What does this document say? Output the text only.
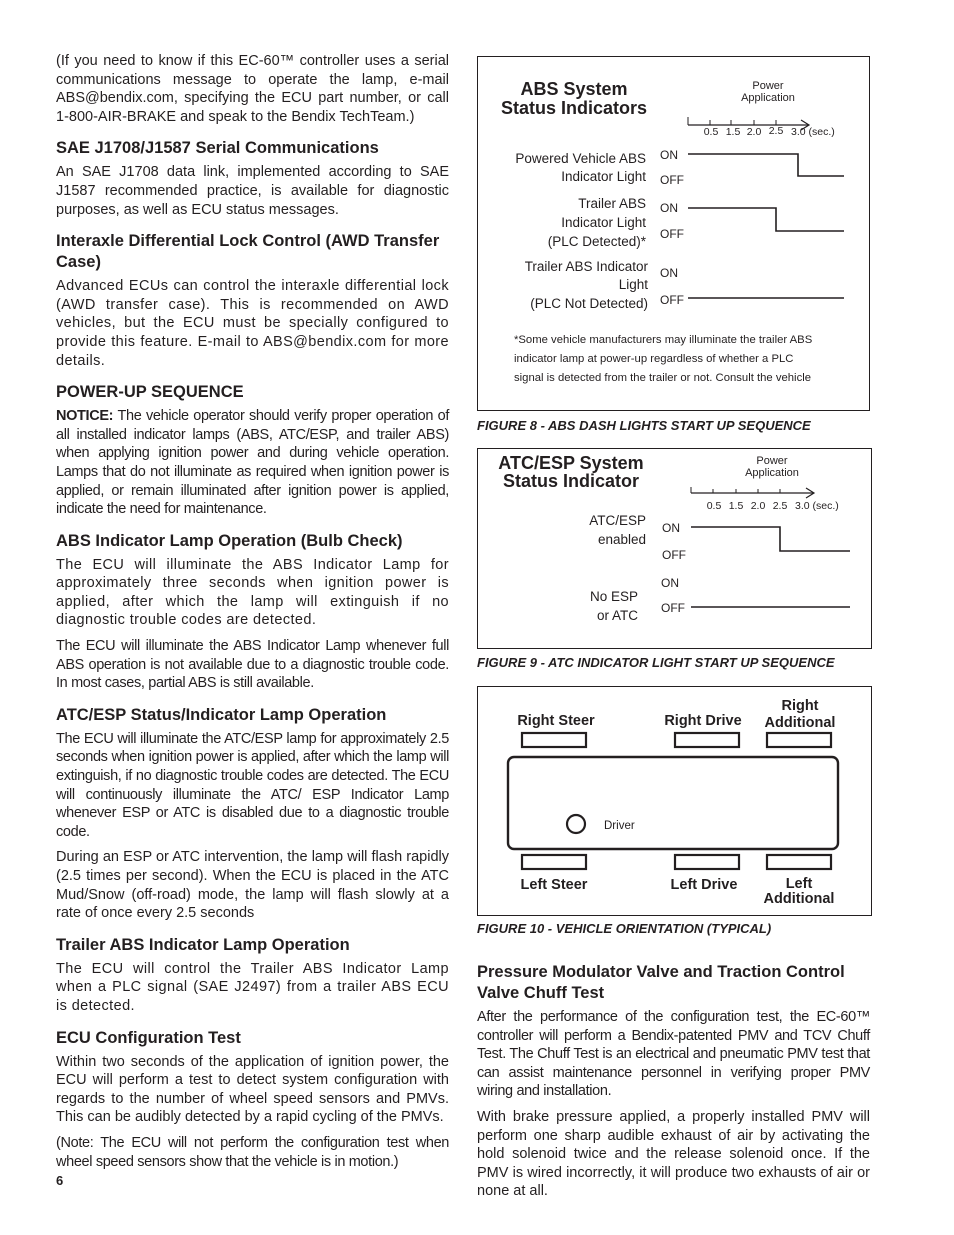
(If you need to know if this EC-60™ controller uses a serial communications message to operate the lamp, e-mail ABS@bendix.com, specifying the ECU part number, or call 1-800-AIR-BRAKE and speak to the Bendix TechTeam.)

SAE J1708/J1587 Serial Communications

An SAE J1708 data link, implemented according to SAE J1587 recommended practice, is available for diagnostic purposes, as well as ECU status messages.

Interaxle Differential Lock Control (AWD Transfer Case)

Advanced ECUs can control the interaxle differential lock (AWD transfer case). This is recommended on AWD vehicles, but the ECU must be specially configured to provide this feature. E-mail to ABS@bendix.com for more details.

POWER-UP SEQUENCE

NOTICE: The vehicle operator should verify proper operation of all installed indicator lamps (ABS, ATC/ESP, and trailer ABS) when applying ignition power and during vehicle operation. Lamps that do not illuminate as required when ignition power is applied, or remain illuminated after ignition power is applied, indicate the need for maintenance.

ABS Indicator Lamp Operation (Bulb Check)

The ECU will illuminate the ABS Indicator Lamp for approximately three seconds when ignition power is applied, after which the lamp will extinguish if no diagnostic trouble codes are detected.

The ECU will illuminate the ABS Indicator Lamp whenever full ABS operation is not available due to a diagnostic trouble code. In most cases, partial ABS is still available.

ATC/ESP Status/Indicator Lamp Operation

The ECU will illuminate the ATC/ESP lamp for approximately 2.5 seconds when ignition power is applied, after which the lamp will extinguish, if no diagnostic trouble codes are detected. The ECU will continuously illuminate the ATC/ ESP Indicator Lamp whenever ESP or ATC is disabled due to a diagnostic trouble code.

During an ESP or ATC intervention, the lamp will flash rapidly (2.5 times per second). When the ECU is placed in the ATC Mud/Snow (off-road) mode, the lamp will flash slowly at a rate of once every 2.5 seconds

Trailer ABS Indicator Lamp Operation

The ECU will control the Trailer ABS Indicator Lamp when a PLC signal (SAE J2497) from a trailer ABS ECU is detected.

ECU Configuration Test

Within two seconds of the application of ignition power, the ECU will perform a test to detect system configuration with regards to the number of wheel speed sensors and PMVs. This can be audibly detected by a rapid cycling of the PMVs.

(Note: The ECU will not perform the configuration test when wheel speed sensors show that the vehicle is in motion.)

6
ABS System
Status Indicators
Power
Application
0.5 1.5 2.0 2.5 3.0 (sec.)
Powered Vehicle ABS
Indicator Light
ON
OFF
Trailer ABS
Indicator Light
(PLC Detected)*
ON
OFF
Trailer ABS Indicator
Light
(PLC Not Detected)
ON
OFF
*Some vehicle manufacturers may illuminate the trailer ABS
indicator lamp at power-up regardless of whether a PLC
signal is detected from the trailer or not. Consult the vehicle
FIGURE 8 - ABS DASH LIGHTS START UP SEQUENCE
ATC/ESP System
Status Indicator
Power
Application
0.5 1.5 2.0 2.5 3.0 (sec.)
ATC/ESP
enabled
ON
OFF
No ESP
or ATC
ON
OFF
FIGURE 9 - ATC INDICATOR LIGHT START UP SEQUENCE
Right Steer	Right Drive
Right
Additional
Driver
Left Steer	Left Drive	Left
Additional
FIGURE 10 - VEHICLE ORIENTATION (TYPICAL)
Pressure Modulator Valve and Traction Control Valve Chuff Test

After the performance of the configuration test, the EC-60™ controller will perform a Bendix-patented PMV and TCV Chuff Test. The Chuff Test is an electrical and pneumatic PMV test that can assist maintenance personnel in verifying proper PMV wiring and installation.

With brake pressure applied, a properly installed PMV will perform one sharp audible exhaust of air by activating the hold solenoid twice and the release solenoid once. If the PMV is wired incorrectly, it will produce two exhausts of air or none at all.
